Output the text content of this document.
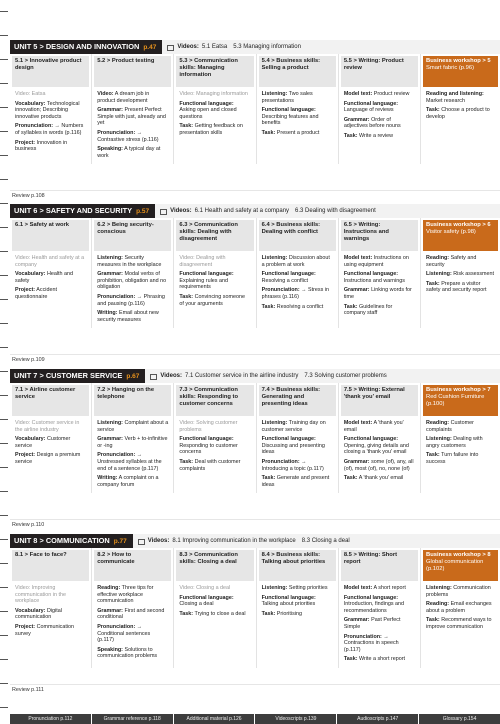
UNIT 5 > DESIGN AND INNOVATION p.47	Videos: 5.1 Eatsa 5.3 Managing information
5.1 > Innovative product design

Video: Eatsa

Vocabulary: Technological innovation; Describing innovative products

Pronunciation: → Numbers of syllables in words (p.116)

Project: Innovation in business

5.2 > Product testing

Video: A dream job in product development

Grammar: Present Perfect Simple with just, already and yet

Pronunciation: → Contrastive stress (p.116)

Speaking: A typical day at work

5.3 > Communication skills: Managing information

Video: Managing information

Functional language: Asking open and closed questions

Task: Getting feedback on presentation skills

5.4 > Business skills: Selling a product

Listening: Two sales presentations

Functional language: Describing features and benefits

Task: Present a product

5.5 > Writing: Product review

Model text: Product review

Functional language: Language of reviews

Grammar: Order of adjectives before nouns

Task: Write a review

Business workshop > 5
Smart fabric (p.96)

Reading and listening: Market research

Task: Choose a product to develop

Review p.108
UNIT 6 > SAFETY AND SECURITY p.57	Videos: 6.1 Health and safety at a company 6.3 Dealing with disagreement
6.1 > Safety at work

Video: Health and safety at a company

Vocabulary: Health and safety

Project: Accident questionnaire

6.2 > Being security-conscious

Listening: Security measures in the workplace

Grammar: Modal verbs of prohibition, obligation and no obligation

Pronunciation: → Phrasing and pausing (p.116)

Writing: Email about new security measures

6.3 > Communication skills: Dealing with disagreement

Video: Dealing with disagreement

Functional language: Explaining rules and requirements

Task: Convincing someone of your arguments

6.4 > Business skills: Dealing with conflict

Listening: Discussion about a problem at work

Functional language: Resolving a conflict

Pronunciation: → Stress in phrases (p.116)

Task: Resolving a conflict

6.5 > Writing: Instructions and warnings

Model text: Instructions on using equipment

Functional language: Instructions and warnings

Grammar: Linking words for time

Task: Guidelines for company staff

Business workshop > 6
Visitor safety (p.98)

Reading: Safety and security

Listening: Risk assessment

Task: Prepare a visitor safety and security report

Review p.109
UNIT 7 > CUSTOMER SERVICE p.67	Videos: 7.1 Customer service in the airline industry 7.3 Solving customer problems
7.1 > Airline customer service

Video: Customer service in the airline industry

Vocabulary: Customer service

Project: Design a premium service

7.2 > Hanging on the telephone

Listening: Complaint about a service

Grammar: Verb + to-infinitive or -ing

Pronunciation: → Unstressed syllables at the end of a sentence (p.117)

Writing: A complaint on a company forum

7.3 > Communication skills: Responding to customer concerns

Video: Solving customer problems

Functional language: Responding to customer concerns

Task: Deal with customer complaints

7.4 > Business skills: Generating and presenting ideas

Listening: Training day on customer service

Functional language: Discussing and presenting ideas

Pronunciation: → Introducing a topic (p.117)

Task: Generate and present ideas

7.5 > Writing: External 'thank you' email

Model text: A 'thank you' email

Functional language: Opening, giving details and closing a 'thank you' email

Grammar: some (of), any, all (of), most (of), no, none (of)

Task: A 'thank you' email

Business workshop > 7
Red Cushion Furniture (p.100)

Reading: Customer complaints

Listening: Dealing with angry customers

Task: Turn failure into success

Review p.110
UNIT 8 > COMMUNICATION p.77	Videos: 8.1 Improving communication in the workplace 8.3 Closing a deal
8.1 > Face to face?

Video: Improving communication in the workplace

Vocabulary: Digital communication

Project: Communication survey

8.2 > How to communicate

Reading: Three tips for effective workplace communication

Grammar: First and second conditional

Pronunciation: → Conditional sentences (p.117)

Speaking: Solutions to communication problems

8.3 > Communication skills: Closing a deal

Video: Closing a deal

Functional language: Closing a deal

Task: Trying to close a deal

8.4 > Business skills: Talking about priorities

Listening: Setting priorities

Functional language: Talking about priorities

Task: Prioritising

8.5 > Writing: Short report

Model text: A short report

Functional language: Introduction, findings and recommendations

Grammar: Past Perfect Simple

Pronunciation: → Contractions in speech (p.117)

Task: Write a short report

Business workshop > 8
Global communication (p.102)

Listening: Communication problems

Reading: Email exchanges about a problem

Task: Recommend ways to improve communication

Review p.111
Pronunciation p.112	Grammar reference p.118	Additional material p.126	Videoscripts p.139	Audioscripts p.147	Glossary p.154
